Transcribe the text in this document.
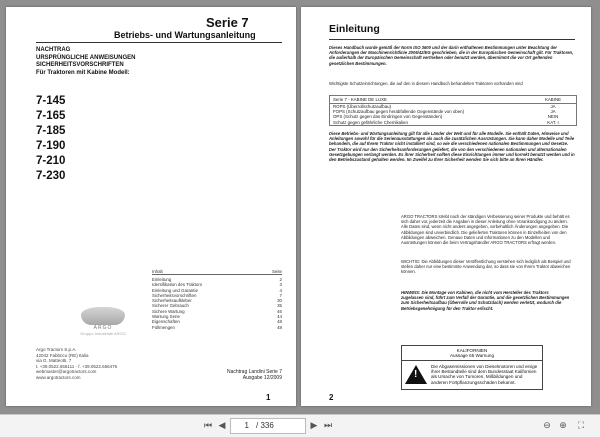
Serie 7
Betriebs- und Wartungsanleitung
NACHTRAG
URSPRÜNGLICHE ANWEISUNGEN
SICHERHEITSVORSCHRIFTEN
Für Traktoren mit Kabine Modell:
7-145
7-165
7-185
7-190
7-210
7-230
Inhalt	Seite
Einleitung	2
Identifikation des Traktors	3
Einleitung und Garantie	4
Sicherheitsvorschriften	7
Sicherheitsaufkleber	30
Sicherer Gebrauch	35
Sichere Wartung	46
Wartung Serie	44
Eigenschaften	48
Füllmengen	48
ARGO
Gruppo Industriale ARGO
Argo Tractors S.p.A.
42042 Fabbrico (RE) Italia
via G. Matteotti, 7
t. +39.0522.656111 - f. +39.0522.656476
webmaster@argotractors.com
www.argotractors.com
Nachtrag Landini Serie 7
Ausgabe 12/2009
1
Einleitung
Dieses Handbuch wurde gemäß der Norm ISO 3600 und der darin enthaltenen Bestimmungen unter Beachtung der Anforderungen der Maschinenrichtlinie 2006/42/EG geschrieben, die in der Europäischen Gemeinschaft gilt. Für Traktoren, die außerhalb der Europäischen Gemeinschaft vertrieben oder benutzt werden, übernimmt die vor Ort geltenden gesetzlichen Bestimmungen.
Wichtigste Schutzeinrichtungen, die auf den in diesem Handbuch behandelten Traktoren vorhanden sind
Serie 7 - KABINE DE LUXE	KABINE
ROPS (Überrollschutzaufbau)	JA
FOPS (Schutzaufbau gegen herabfallende Gegenstände von oben)	JA
OPS (Schutz gegen das Eindringen von Gegenständen)	NEIN
Schutz gegen gefährliche Chemikalien	KAT. I
Diese Betriebs- und Wartungsanleitung gilt für alle Länder der Welt und für alle Modelle. Sie enthält Daten, Hinweise und Anleitungen sowohl für die Serienausstattungen als auch die zusätzlichen Ausrüstungen. Sie kann daher Modelle und Teile behandeln, die auf Ihrem Traktor nicht installiert sind, so wie die verschiedenen nationalen Bestimmungen und Gesetze. Der Traktor wird nur den Sicherheitsanforderungen geliefert, die von den verschiedenen nationalen und alternationalen Gesetzgebungen verlangt werden. Es ihrer Sicherheit sollten diese Einrichtungen immer und korrekt benutzt werden und in den Betriebszustand gehalten werden. Im Zweifel zu Ihrer Sicherheit wenden Sie sich bitte an Ihren Händler.
ARGO TRACTORS strebt nach der ständigen Verbesserung seiner Produkte und behält es sich daher vor, jederzeit die Angaben in dieser Anleitung ohne Vorankündigung zu ändern. Alle Daten sind, wenn nicht anders angegeben, vorbehaltlich Änderungen angegeben. Die Abbildungen sind unverbindlich. Die gelieferten Traktoren können in Einzelheiten von den Abbildungen abweichen. Genaue Daten und Informationen zu den Modellen und Ausrüstungen können die beim Vertragshändler ARGO TRACTORS erfragt werden.
WICHTIG: Die Abbildungen dieser Veröffentlichung verstehen sich lediglich als Beispiel und stellen daher nur eine bestimmte Anwendung dar, so dass sie von Ihrem Traktor abweichen können.
HINWEIS: Die Montage von Kabinen, die nicht vom Hersteller des Traktors zugelassen sind, führt zum Verfall der Garantie, und die gesetzlichen Bestimmungen zum Sicherheitsaufbau (Überrolle und Schutzdach) werden verletzt, wodurch die Betriebsgenehmigung für den Traktor erlischt.
KALIFORNIEN
Aussage 65 Warnung
!
Die Abgasemissionen von Dieselmotoren und einige ihrer Bestandteile sind dem Bundesstaat Kalifornien als Ursache von Tumoren, Mißbildungen und anderen Fortpflanzungsschäden bekannt.
2
⏮ ◀	1 / 336	▶ ⏭	⊖ ⊕	⛶
